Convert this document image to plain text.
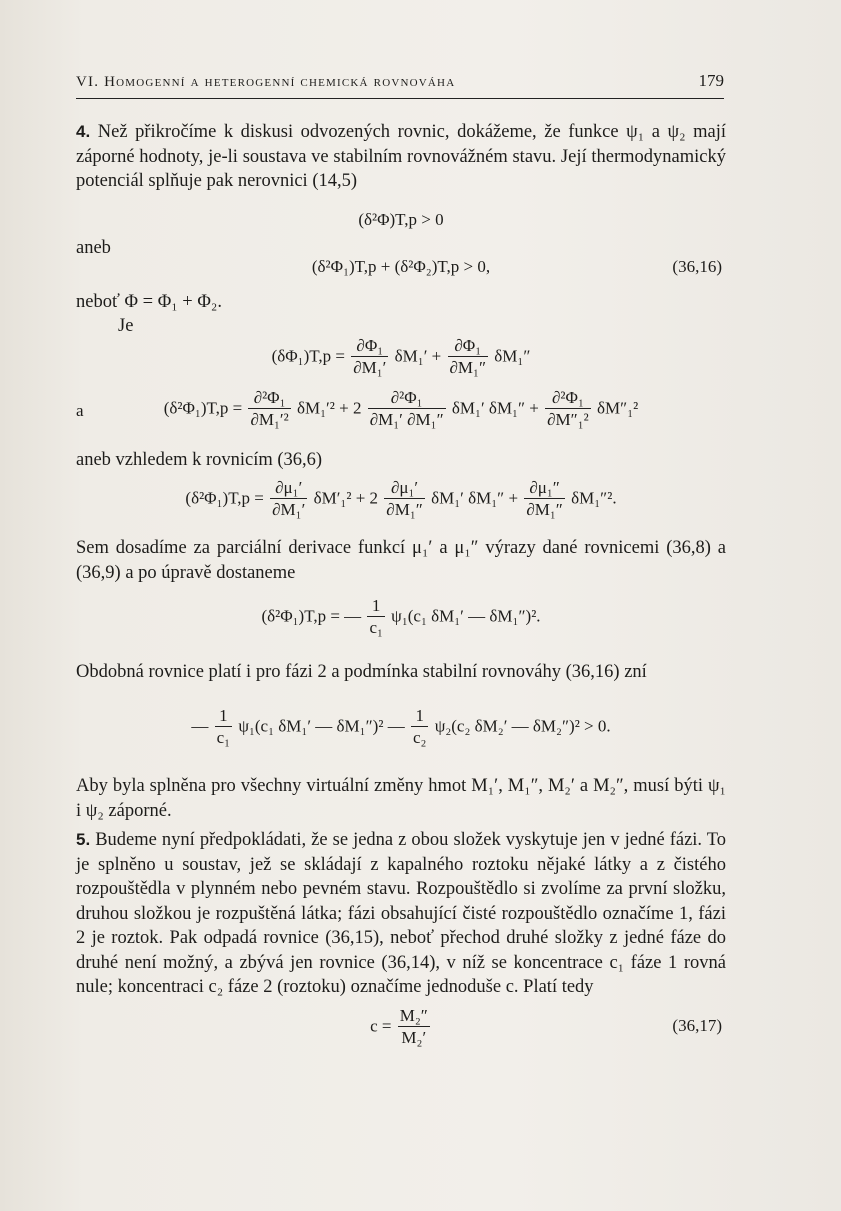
VI. Homogenní a heterogenní chemická rovnováha	179
4. Než přikročíme k diskusi odvozených rovnic, dokážeme, že funkce ψ₁ a ψ₂ mají záporné hodnoty, je-li soustava ve stabilním rovnovážném stavu. Její thermodynamický potenciál splňuje pak nerovnici (14,5)
(δ²Φ)T,p > 0
aneb
(δ²Φ₁)T,p + (δ²Φ₂)T,p > 0,	(36,16)
neboť Φ = Φ₁ + Φ₂.
Je
$(\delta\Phi_1)T,p = \frac{\text{∂Φ₁}}{\text{∂M₁′}} \delta M_1' + \frac{\text{∂Φ₁}}{\text{∂M₁″}} \delta M_1''$
a	$(\delta^2\Phi_1)T,p = \frac{\text{∂²Φ₁}}{\text{∂M₁′²}} \delta M_1'^2 + 2 \frac{\text{∂²Φ₁}}{\text{∂M₁′ ∂M₁″}} \delta M_1'$ $\delta M_1'' + \frac{\text{∂²Φ₁}}{\text{∂M″₁²}} \delta M''_1^2$
aneb vzhledem k rovnicím (36,6)
$(\delta^2\Phi_1)T,p = \frac{\text{∂μ₁′}}{\text{∂M₁′}} \delta M'_1^2 + 2 \frac{\text{∂μ₁′}}{\text{∂M₁″}} \delta M_1'$ $\delta M_1'' + \frac{\text{∂μ₁″}}{\text{∂M₁″}} \delta M_1''^2$.
Sem dosadíme za parciální derivace funkcí μ₁′ a μ₁″ výrazy dané rovnicemi (36,8) a (36,9) a po úpravě dostaneme
(δ²Φ₁)T,p = — $\frac{1}{\text{c₁}} \psi_1(c_1$ δM₁′ — δM₁″)².
Obdobná rovnice platí i pro fázi 2 a podmínka stabilní rovnováhy (36,16) zní
— $\frac{1}{\text{c₁}} \psi_1(c_1$ δM₁′ — δM₁″)² — $\frac{1}{\text{c₂}} \psi_2(c_2$ δM₂′ — δM₂″)² > 0.
Aby byla splněna pro všechny virtuální změny hmot M₁′, M₁″, M₂′ a M₂″, musí býti ψ₁ i ψ₂ záporné.
5. Budeme nyní předpokládati, že se jedna z obou složek vyskytuje jen v jedné fázi. To je splněno u soustav, jež se skládají z kapalného roztoku nějaké látky a z čistého rozpouštědla v plynném nebo pevném stavu. Rozpouštědlo si zvolíme za první složku, druhou složkou je rozpuštěná látka; fázi obsahující čisté rozpouštědlo označíme 1, fázi 2 je roztok. Pak odpadá rovnice (36,15), neboť přechod druhé složky z jedné fáze do druhé není možný, a zbývá jen rovnice (36,14), v níž se koncentrace c₁ fáze 1 rovná nule; koncentraci c₂ fáze 2 (roztoku) označíme jednoduše c. Platí tedy
$c = \frac{\text{M₂″}}{\text{M₂′}}$	(36,17)
